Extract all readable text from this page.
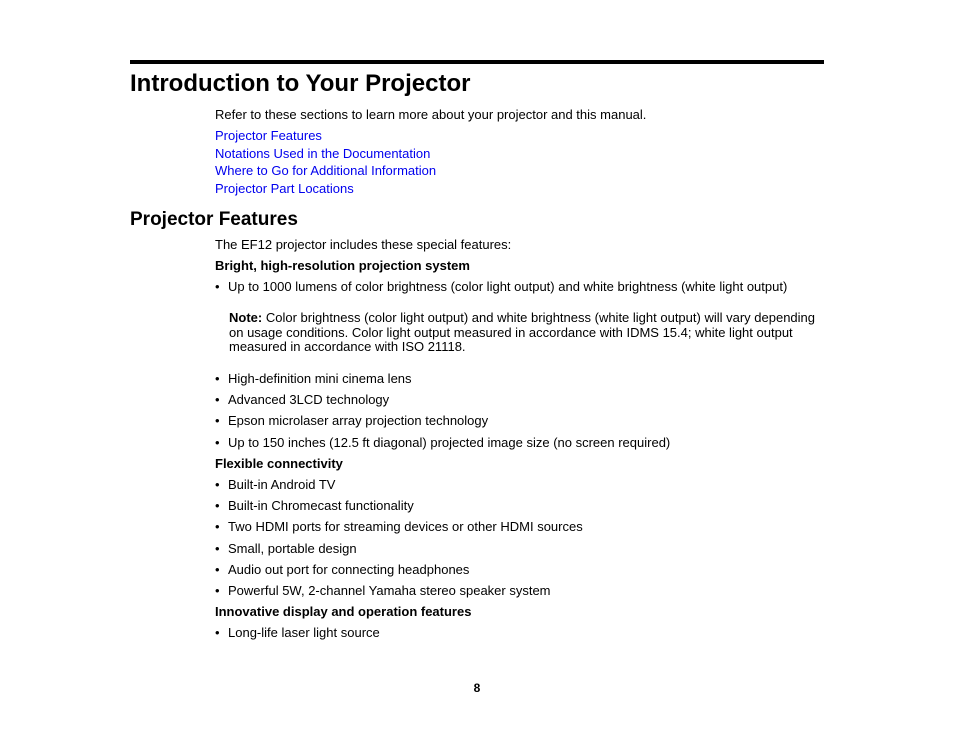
Introduction to Your Projector

Refer to these sections to learn more about your projector and this manual.

Projector Features
Notations Used in the Documentation
Where to Go for Additional Information
Projector Part Locations
Projector Features

The EF12 projector includes these special features:

Bright, high-resolution projection system

• Up to 1000 lumens of color brightness (color light output) and white brightness (white light output)

Note: Color brightness (color light output) and white brightness (white light output) will vary depending on usage conditions. Color light output measured in accordance with IDMS 15.4; white light output measured in accordance with ISO 21118.

• High-definition mini cinema lens
• Advanced 3LCD technology
• Epson microlaser array projection technology
• Up to 150 inches (12.5 ft diagonal) projected image size (no screen required)

Flexible connectivity

• Built-in Android TV
• Built-in Chromecast functionality
• Two HDMI ports for streaming devices or other HDMI sources
• Small, portable design
• Audio out port for connecting headphones
• Powerful 5W, 2-channel Yamaha stereo speaker system

Innovative display and operation features

• Long-life laser light source

8
